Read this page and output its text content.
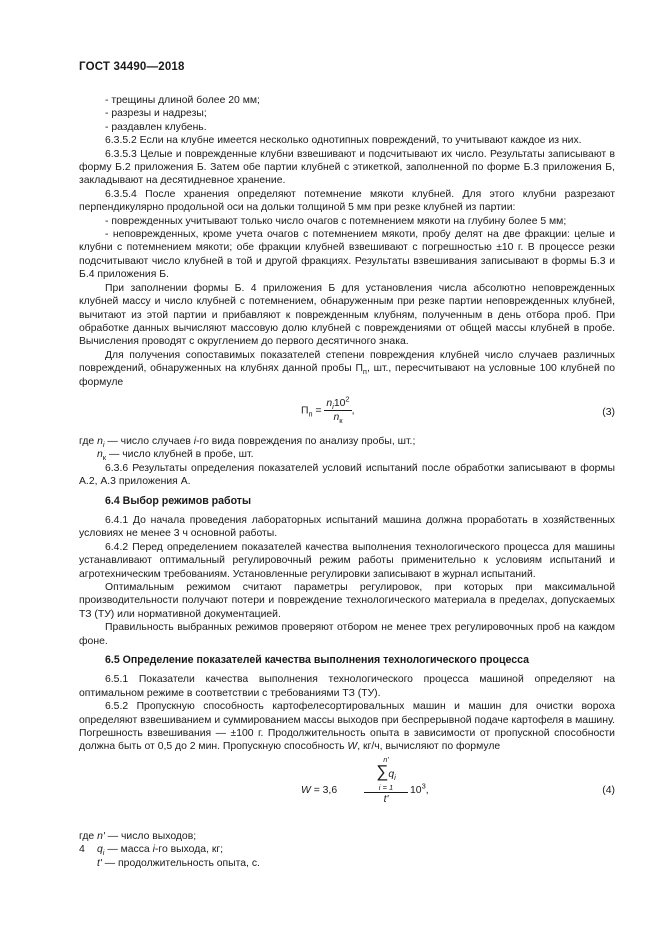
ГОСТ 34490—2018

- трещины длиной более 20 мм;

- разрезы и надрезы;

- раздавлен клубень.

6.3.5.2 Если на клубне имеется несколько однотипных повреждений, то учитывают каждое из них.

6.3.5.3 Целые и поврежденные клубни взвешивают и подсчитывают их число. Результаты записывают в форму Б.2 приложения Б. Затем обе партии клубней с этикеткой, заполненной по форме Б.3 приложения Б, закладывают на десятидневное хранение.

6.3.5.4 После хранения определяют потемнение мякоти клубней. Для этого клубни разрезают перпендикулярно продольной оси на дольки толщиной 5 мм при резке клубней из партии:

- поврежденных учитывают только число очагов с потемнением мякоти на глубину более 5 мм;

- неповрежденных, кроме учета очагов с потемнением мякоти, пробу делят на две фракции: целые и клубни с потемнением мякоти; обе фракции клубней взвешивают с погрешностью ±10 г. В процессе резки подсчитывают число клубней в той и другой фракциях. Результаты взвешивания записывают в формы Б.3 и Б.4 приложения Б.

При заполнении формы Б. 4 приложения Б для установления числа абсолютно неповрежденных клубней массу и число клубней с потемнением, обнаруженным при резке партии неповрежденных клубней, вычитают из этой партии и прибавляют к поврежденным клубням, полученным в день отбора проб. При обработке данных вычисляют массовую долю клубней с повреждениями от общей массы клубней в пробе. Вычисления проводят с округлением до первого десятичного знака.

Для получения сопоставимых показателей степени повреждения клубней число случаев различных повреждений, обнаруженных на клубнях данной пробы $П_п$, шт., пересчитывают на условные 100 клубней по формуле

$П_п = \frac{n_i10^2}{n_к}$ ,	(3)

где $n_i$ — число случаев i-го вида повреждения по анализу пробы, шт.;

$n_к$ — число клубней в пробе, шт.

6.3.6 Результаты определения показателей условий испытаний после обработки записывают в формы А.2, А.3 приложения А.

6.4 Выбор режимов работы

6.4.1 До начала проведения лабораторных испытаний машина должна проработать в хозяйственных условиях не менее 3 ч основной работы.

6.4.2 Перед определением показателей качества выполнения технологического процесса для машины устанавливают оптимальный регулировочный режим работы применительно к условиям испытаний и агротехническим требованиям. Установленные регулировки записывают в журнал испытаний.

Оптимальным режимом считают параметры регулировок, при которых при максимальной производительности получают потери и повреждение технологического материала в пределах, допускаемых ТЗ (ТУ) или нормативной документацией.

Правильность выбранных режимов проверяют отбором не менее трех регулировочных проб на каждом фоне.

6.5 Определение показателей качества выполнения технологического процесса

6.5.1 Показатели качества выполнения технологического процесса машиной определяют на оптимальном режиме в соответствии с требованиями ТЗ (ТУ).

6.5.2 Пропускную способность картофелесортировальных машин и машин для очистки вороха определяют взвешиванием и суммированием массы выходов при беспрерывной подаче картофеля в машину. Погрешность взвешивания — ±100 г. Продолжительность опыта в зависимости от пропускной способности должна быть от 0,5 до 2 мин. Пропускную способность W, кг/ч, вычисляют по формуле

W = 3,6
n'
$\sum q_i$
i = 1
t'
$10^3$,	(4)

где n' — число выходов;

$q_i$ — масса i-го выхода, кг;

t' — продолжительность опыта, с.

4
